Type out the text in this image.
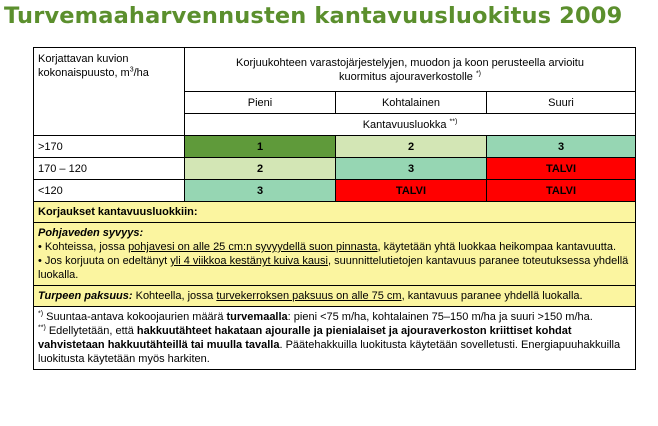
Turvemaaharvennusten kantavuusluokitus 2009
Korjattavan kuvion kokonaispuusto, $m^3/ha$	Korjuukohteen varastojärjestelyjen, muodon ja koon perusteella arvioitu
kuormitus ajouraverkostolle *)
	Pieni	Kohtalainen	Suuri
	Kantavuusluokka **)
>170	1	2	3
170 – 120	2	3	TALVI
<120	3	TALVI	TALVI
Korjaukset kantavuusluokkiin:			

Pohjaveden syvyys:
• Kohteissa, jossa pohjavesi on alle 25 cm:n syvyydellä suon pinnasta, käytetään yhtä luokkaa heikompaa kantavuutta.
• Jos korjuuta on edeltänyt yli 4 viikkoa kestänyt kuiva kausi, suunnittelutietojen kantavuus paranee toteutuksessa yhdellä luokalla.			

Turpeen paksuus: Kohteella, jossa turvekerroksen paksuus on alle 75 cm, kantavuus paranee yhdellä luokalla.			

*) Suuntaa-antava kokoojaurien määrä turvemaalla: pieni <75 m/ha, kohtalainen 75–150 m/ha ja suuri >150 m/ha.
**) Edellytetään, että hakkuutähteet hakataan ajouralle ja pienialaiset ja ajouraverkoston kriittiset kohdat vahvistetaan hakkuutähteillä tai muulla tavalla. Päätehakkuilla luokitusta käytetään sovelletusti. Energiapuuhakkuilla luokitusta käytetään myös harkiten.			
